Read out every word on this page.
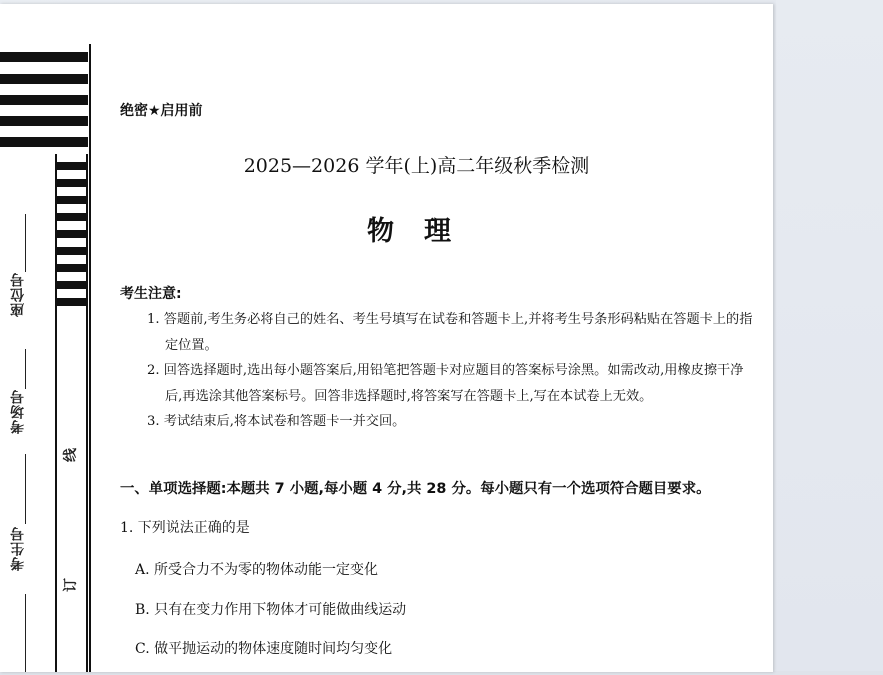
座位号
考场号
考生号
线
订
绝密★启用前
2025—2026 学年(上)高二年级秋季检测
物理
考生注意:
1. 答题前,考生务必将自己的姓名、考生号填写在试卷和答题卡上,并将考生号条形码粘贴在答题卡上的指定位置。
2. 回答选择题时,选出每小题答案后,用铅笔把答题卡对应题目的答案标号涂黑。如需改动,用橡皮擦干净后,再选涂其他答案标号。回答非选择题时,将答案写在答题卡上,写在本试卷上无效。
3. 考试结束后,将本试卷和答题卡一并交回。
一、单项选择题:本题共 7 小题,每小题 4 分,共 28 分。每小题只有一个选项符合题目要求。
1. 下列说法正确的是
A. 所受合力不为零的物体动能一定变化
B. 只有在变力作用下物体才可能做曲线运动
C. 做平抛运动的物体速度随时间均匀变化
